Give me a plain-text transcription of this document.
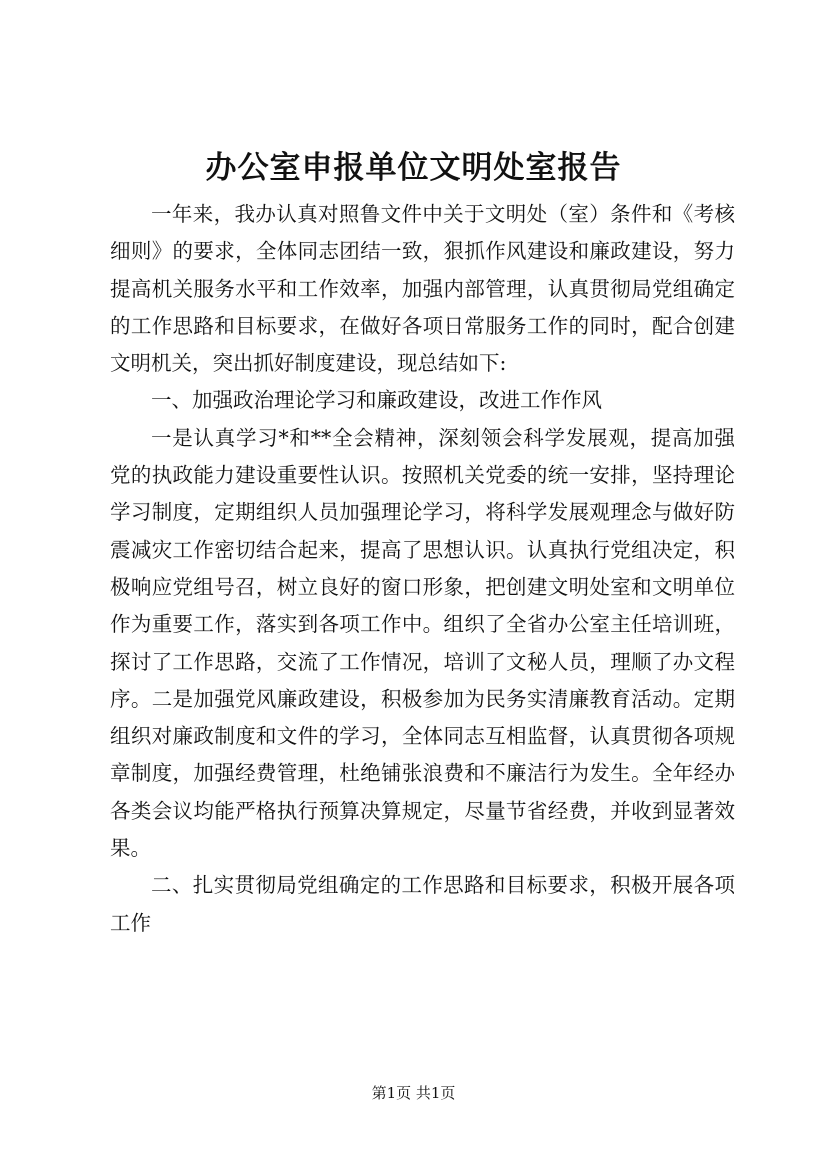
办公室申报单位文明处室报告

一年来，我办认真对照鲁文件中关于文明处（室）条件和《考核细则》的要求，全体同志团结一致，狠抓作风建设和廉政建设，努力提高机关服务水平和工作效率，加强内部管理，认真贯彻局党组确定的工作思路和目标要求，在做好各项日常服务工作的同时，配合创建文明机关，突出抓好制度建设，现总结如下:

一、加强政治理论学习和廉政建设，改进工作作风

一是认真学习*和**全会精神，深刻领会科学发展观，提高加强党的执政能力建设重要性认识。按照机关党委的统一安排，坚持理论学习制度，定期组织人员加强理论学习，将科学发展观理念与做好防震减灾工作密切结合起来，提高了思想认识。认真执行党组决定，积极响应党组号召，树立良好的窗口形象，把创建文明处室和文明单位作为重要工作，落实到各项工作中。组织了全省办公室主任培训班，探讨了工作思路，交流了工作情况，培训了文秘人员，理顺了办文程序。二是加强党风廉政建设，积极参加为民务实清廉教育活动。定期组织对廉政制度和文件的学习，全体同志互相监督，认真贯彻各项规章制度，加强经费管理，杜绝铺张浪费和不廉洁行为发生。全年经办各类会议均能严格执行预算决算规定，尽量节省经费，并收到显著效果。

二、扎实贯彻局党组确定的工作思路和目标要求，积极开展各项工作

第1页 共1页
